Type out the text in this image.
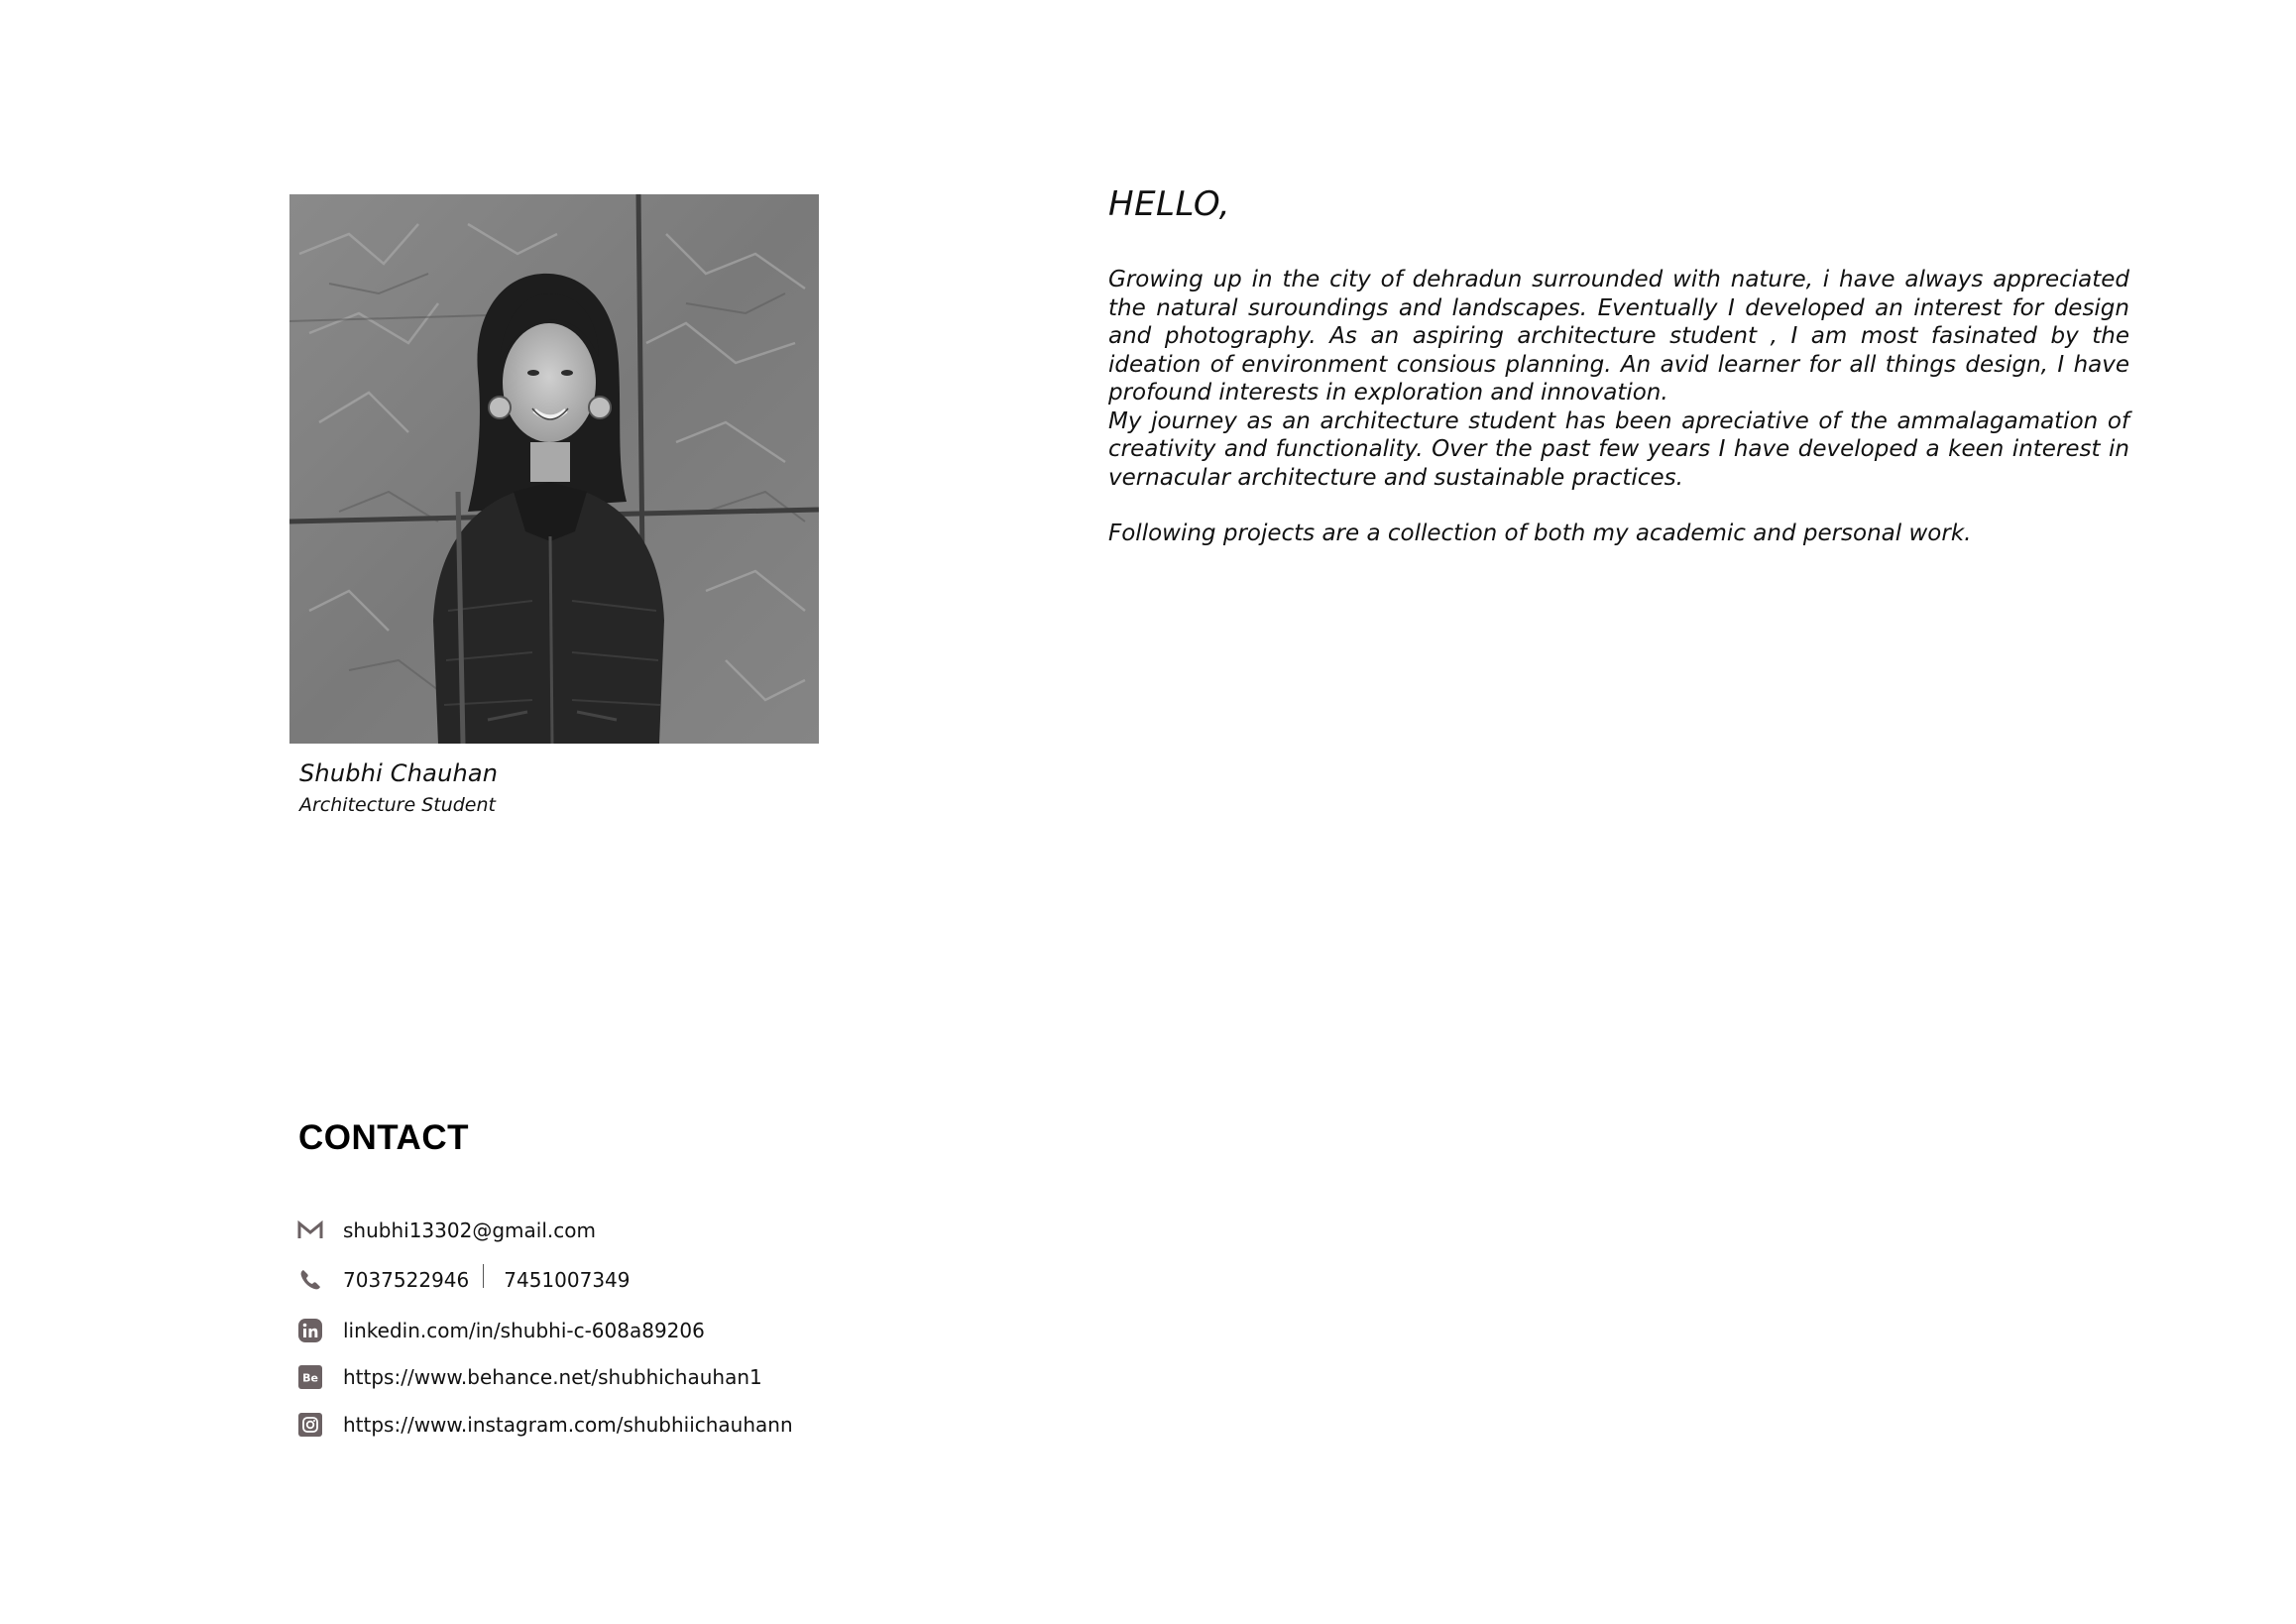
Shubhi Chauhan
Architecture Student
HELLO,

Growing up in the city of dehradun surrounded with nature, i have always appreciated the natural suroundings and landscapes. Eventually I developed an interest for design and photography. As an aspiring architecture student , I am most fasinated by the ideation of environment consious planning. An avid learner for all things design, I have profound interests in exploration and innovation.

My journey as an architecture student has been apreciative of the ammalagamation of creativity and functionality. Over the past few years I have developed a keen interest in vernacular architecture and sustainable practices.

Following projects are a collection of both my academic and personal work.

CONTACT
shubhi13302@gmail.com
7037522946 7451007349
linkedin.com/in/shubhi-c-608a89206
Be https://www.behance.net/shubhichauhan1
https://www.instagram.com/shubhiichauhann
